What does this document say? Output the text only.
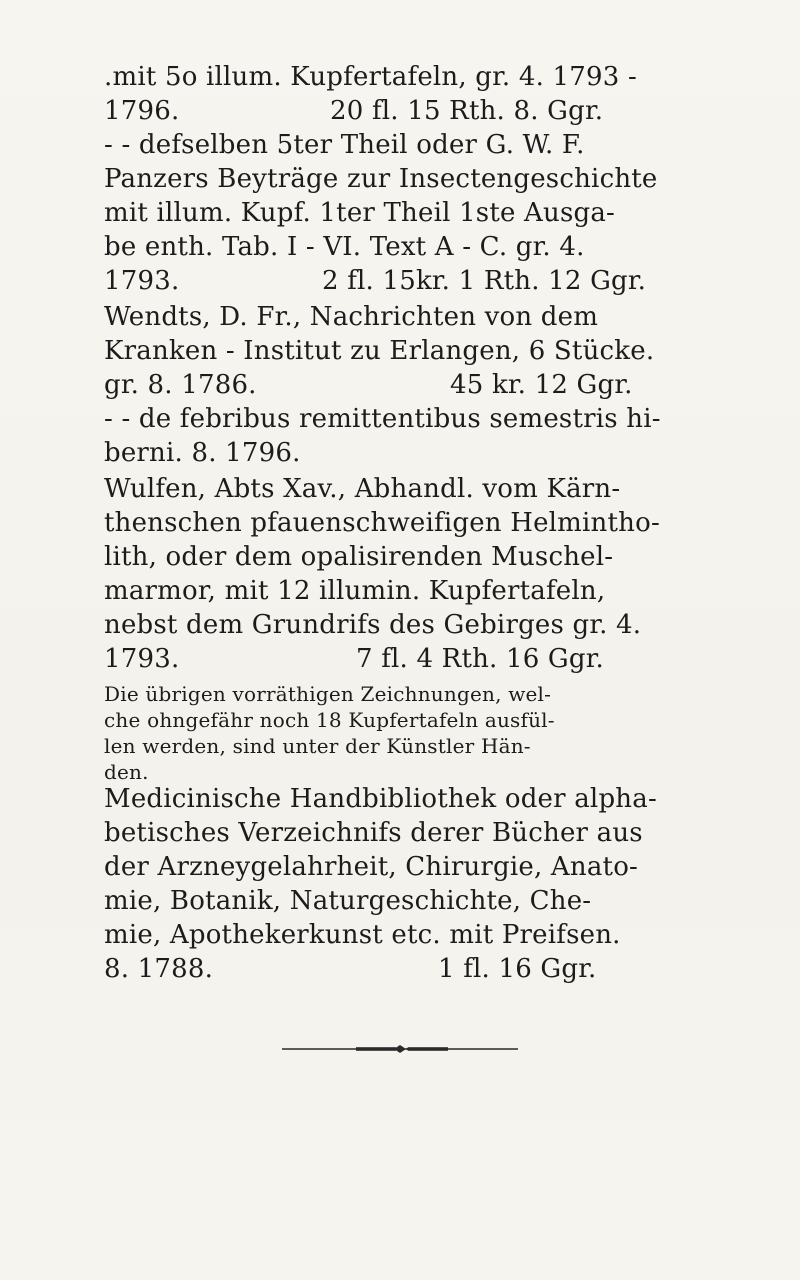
.mit 5o illum. Kupfertafeln, gr. 4. 1793 -
1796.	20 fl. 15 Rth. 8. Ggr.
- - defselben 5ter Theil oder G. W. F.
Panzers Beyträge zur Insectengeschichte
mit illum. Kupf. 1ter Theil 1ste Ausga-
be enth. Tab. I - VI. Text A - C. gr. 4.
1793.	2 fl. 15kr. 1 Rth. 12 Ggr.
Wendts, D. Fr., Nachrichten von dem
Kranken - Institut zu Erlangen, 6 Stücke.
gr. 8. 1786.	45 kr. 12 Ggr.
- - de febribus remittentibus semestris hi-
berni. 8. 1796.
Wulfen, Abts Xav., Abhandl. vom Kärn-
thenschen pfauenschweifigen Helmintho-
lith, oder dem opalisirenden Muschel-
marmor, mit 12 illumin. Kupfertafeln,
nebst dem Grundrifs des Gebirges gr. 4.
1793.	7 fl. 4 Rth. 16 Ggr.
Die übrigen vorräthigen Zeichnungen, wel-
che ohngefähr noch 18 Kupfertafeln ausfül-
len werden, sind unter der Künstler Hän-
den.
Medicinische Handbibliothek oder alpha-
betisches Verzeichnifs derer Bücher aus
der Arzneygelahrheit, Chirurgie, Anato-
mie, Botanik, Naturgeschichte, Che-
mie, Apothekerkunst etc. mit Preifsen.
8. 1788.	1 fl. 16 Ggr.
